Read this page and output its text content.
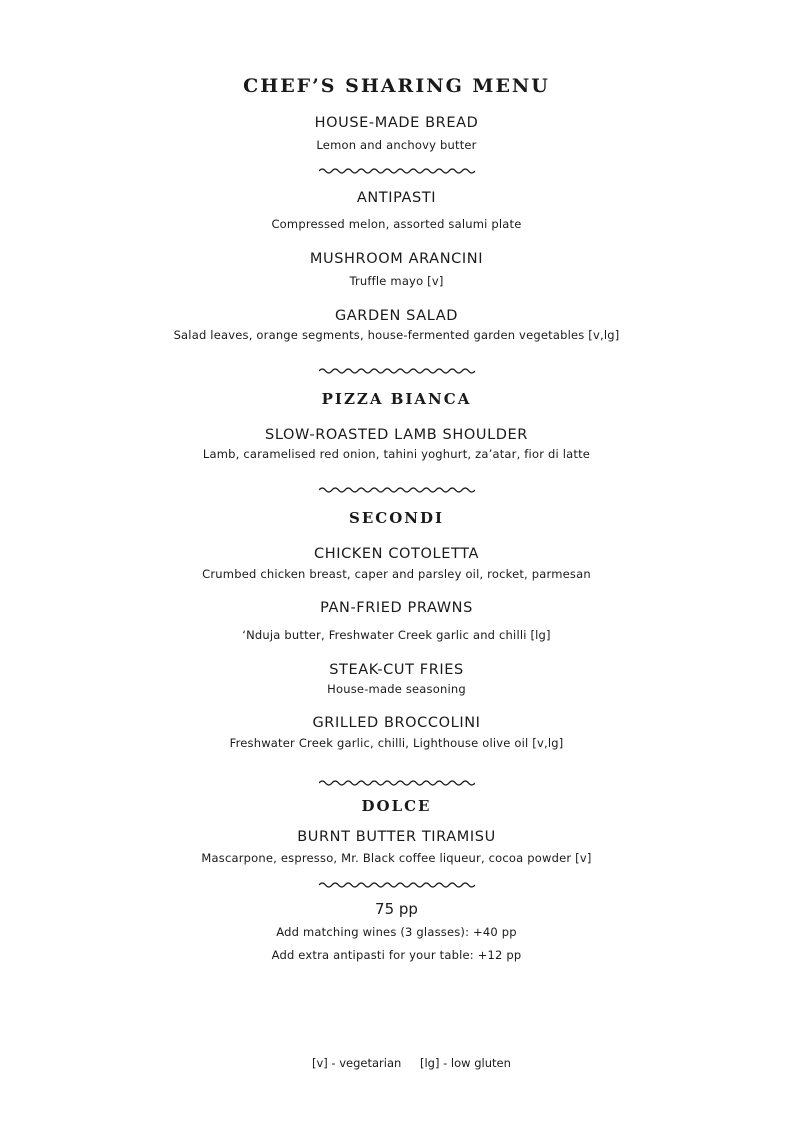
CHEF’S SHARING MENU
HOUSE-MADE BREAD
Lemon and anchovy butter
ANTIPASTI
Compressed melon, assorted salumi plate
MUSHROOM ARANCINI
Truffle mayo [v]
GARDEN SALAD
Salad leaves, orange segments, house-fermented garden vegetables [v,lg]
PIZZA BIANCA
SLOW-ROASTED LAMB SHOULDER
Lamb, caramelised red onion, tahini yoghurt, za’atar, fior di latte
SECONDI
CHICKEN COTOLETTA
Crumbed chicken breast, caper and parsley oil, rocket, parmesan
PAN-FRIED PRAWNS
‘Nduja butter, Freshwater Creek garlic and chilli [lg]
STEAK-CUT FRIES
House-made seasoning
GRILLED BROCCOLINI
Freshwater Creek garlic, chilli, Lighthouse olive oil [v,lg]
DOLCE
BURNT BUTTER TIRAMISU
Mascarpone, espresso, Mr. Black coffee liqueur, cocoa powder [v]
75 pp
Add matching wines (3 glasses): +40 pp
Add extra antipasti for your table: +12 pp
[v] - vegetarian [lg] - low gluten
